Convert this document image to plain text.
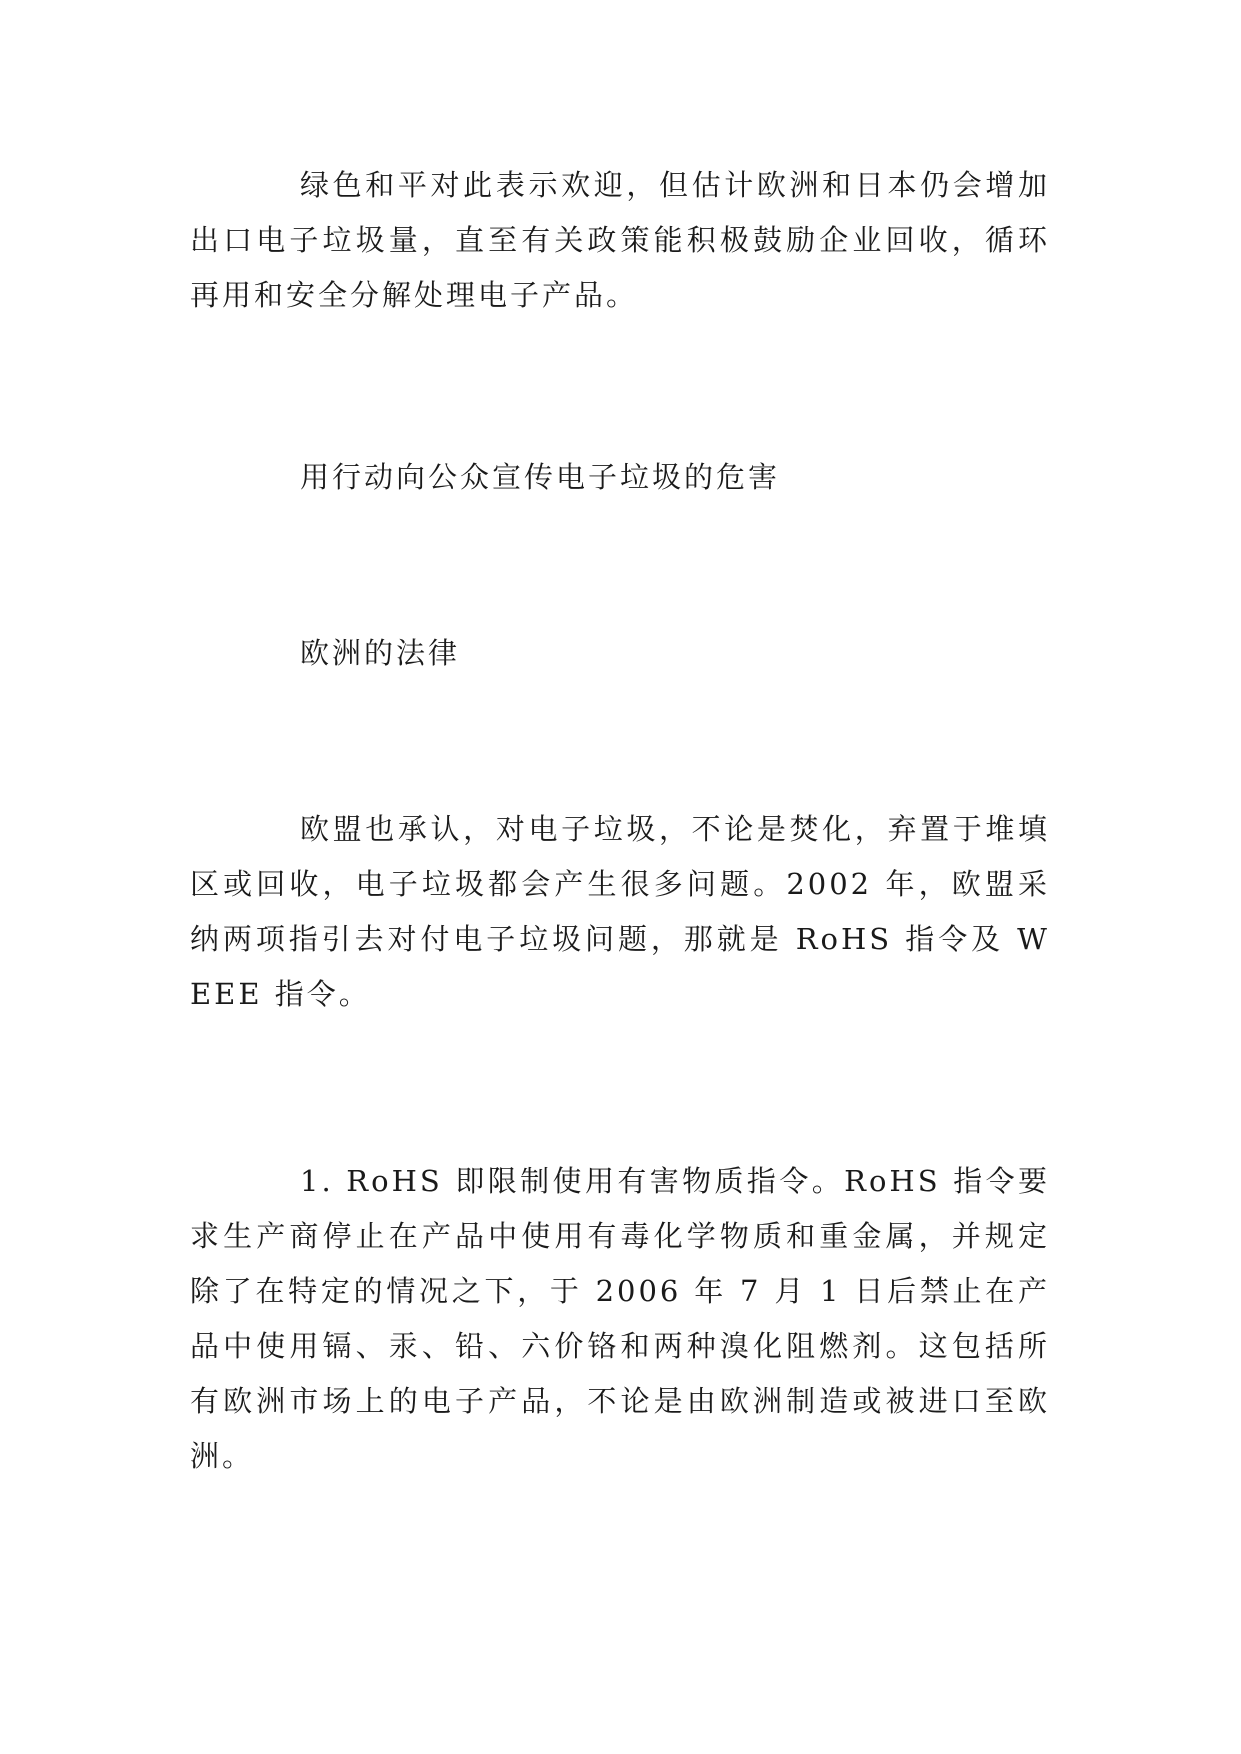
绿色和平对此表示欢迎，但估计欧洲和日本仍会增加出口电子垃圾量，直至有关政策能积极鼓励企业回收，循环再用和安全分解处理电子产品。

用行动向公众宣传电子垃圾的危害

欧洲的法律

欧盟也承认，对电子垃圾，不论是焚化，弃置于堆填区或回收，电子垃圾都会产生很多问题。2002 年，欧盟采纳两项指引去对付电子垃圾问题，那就是 RoHS 指令及 WEEE 指令。

1. RoHS 即限制使用有害物质指令。RoHS 指令要求生产商停止在产品中使用有毒化学物质和重金属，并规定除了在特定的情况之下，于 2006 年 7 月 1 日后禁止在产品中使用镉、汞、铅、六价铬和两种溴化阻燃剂。这包括所有欧洲市场上的电子产品，不论是由欧洲制造或被进口至欧洲。
